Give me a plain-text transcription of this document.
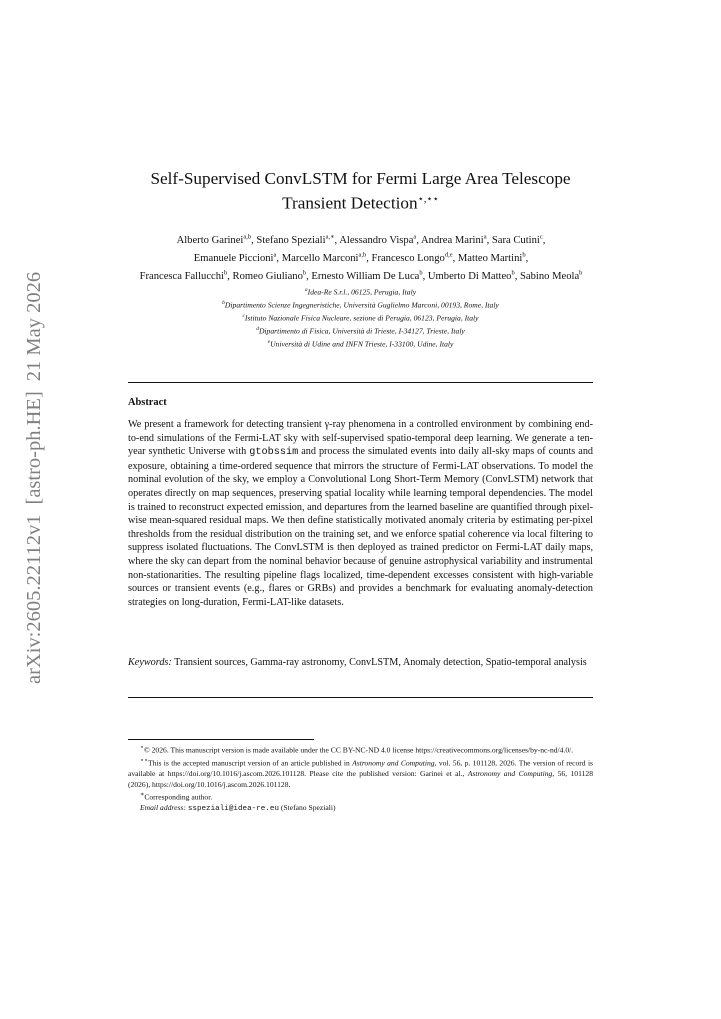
arXiv:2605.22112v1[astro-ph.HE]21 May 2026
Self-Supervised ConvLSTM for Fermi Large Area Telescope
Transient Detection⋆,⋆⋆
Alberto Garinei$^{a,b}$, Stefano Speziali$^{a,∗}$, Alessandro Vispa$^a$, Andrea Marini$^a$, Sara Cutini$^c$,
Emanuele Piccioni$^a$, Marcello Marconi$^{a,b}$, Francesco Longo$^{d,e}$, Matteo Martini$^b$,
Francesca Fallucchi$^b$, Romeo Giuliano$^b$, Ernesto William De Luca$^b$, Umberto Di Matteo$^b$, Sabino Meola$^b$
$^a$Idea-Re S.r.l., 06125, Perugia, Italy
$^b$Dipartimento Scienze Ingegneristiche, Università Guglielmo Marconi, 00193, Rome, Italy
$^c$Istituto Nazionale Fisica Nucleare, sezione di Perugia, 06123, Perugia, Italy
$^d$Dipartimento di Fisica, Università di Trieste, I-34127, Trieste, Italy
$^e$Università di Udine and INFN Trieste, I-33100, Udine, Italy
Abstract

We present a framework for detecting transient γ-ray phenomena in a controlled environment by combining end-to-end simulations of the Fermi-LAT sky with self-supervised spatio-temporal deep learning. We generate a ten-year synthetic Universe with gtobssim and process the simulated events into daily all-sky maps of counts and exposure, obtaining a time-ordered sequence that mirrors the structure of Fermi-LAT observations. To model the nominal evolution of the sky, we employ a Convolutional Long Short-Term Memory (ConvLSTM) network that operates directly on map sequences, preserving spatial locality while learning temporal dependencies. The model is trained to reconstruct expected emission, and departures from the learned baseline are quantified through pixel-wise mean-squared residual maps. We then define statistically motivated anomaly criteria by estimating per-pixel thresholds from the residual distribution on the training set, and we enforce spatial coherence via local filtering to suppress isolated fluctuations. The ConvLSTM is then deployed as trained predictor on Fermi-LAT daily maps, where the sky can depart from the nominal behavior because of genuine astrophysical variability and instrumental non-stationarities. The resulting pipeline flags localized, time-dependent excesses consistent with high-variable sources or transient events (e.g., flares or GRBs) and provides a benchmark for evaluating anomaly-detection strategies on long-duration, Fermi-LAT-like datasets.

Keywords: Transient sources, Gamma-ray astronomy, ConvLSTM, Anomaly detection, Spatio-temporal analysis

⋆© 2026. This manuscript version is made available under the CC BY-NC-ND 4.0 license https://creativecommons.org/licenses/by-nc-nd/4.0/.

⋆⋆This is the accepted manuscript version of an article published in Astronomy and Computing, vol. 56, p. 101128, 2026. The version of record is available at https://doi.org/10.1016/j.ascom.2026.101128. Please cite the published version: Garinei et al., Astronomy and Computing, 56, 101128 (2026), https://doi.org/10.1016/j.ascom.2026.101128.

∗Corresponding author.

Email address: sspeziali@idea-re.eu (Stefano Speziali)
